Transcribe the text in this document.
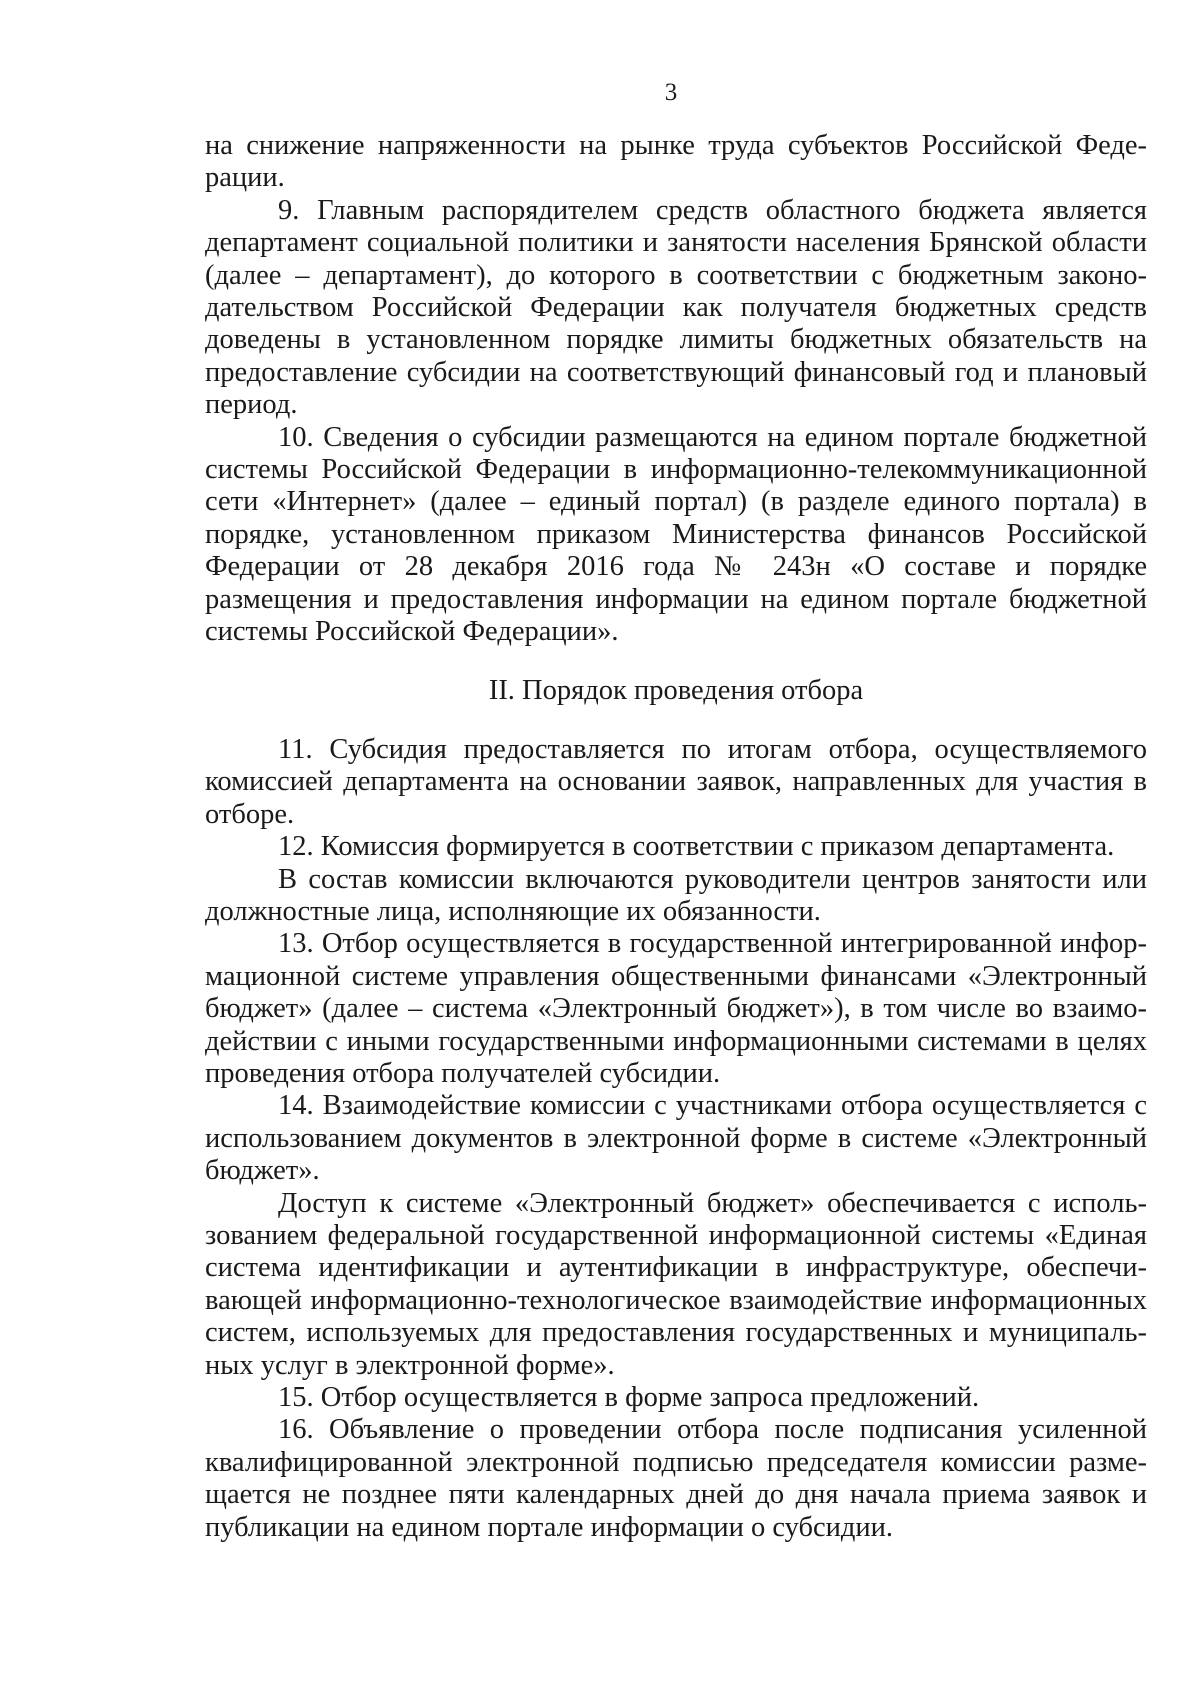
3

на снижение напряженности на рынке труда субъектов Российской Феде-рации.

9. Главным распорядителем средств областного бюджета является департамент социальной политики и занятости населения Брянской области (далее – департамент), до которого в соответствии с бюджетным законо-дательством Российской Федерации как получателя бюджетных средств доведены в установленном порядке лимиты бюджетных обязательств на предоставление субсидии на соответствующий финансовый год и плановый период.

10. Сведения о субсидии размещаются на едином портале бюджетной системы Российской Федерации в информационно-телекоммуникационной сети «Интернет» (далее – единый портал) (в разделе единого портала) в порядке, установленном приказом Министерства финансов Российской Федерации от 28 декабря 2016 года № 243н «О составе и порядке размещения и предоставления информации на едином портале бюджетной системы Российской Федерации».

II. Порядок проведения отбора

11. Субсидия предоставляется по итогам отбора, осуществляемого комиссией департамента на основании заявок, направленных для участия в отборе.

12. Комиссия формируется в соответствии с приказом департамента.

В состав комиссии включаются руководители центров занятости или должностные лица, исполняющие их обязанности.

13. Отбор осуществляется в государственной интегрированной инфор-мационной системе управления общественными финансами «Электронный бюджет» (далее – система «Электронный бюджет»), в том числе во взаимо-действии с иными государственными информационными системами в целях проведения отбора получателей субсидии.

14. Взаимодействие комиссии с участниками отбора осуществляется с использованием документов в электронной форме в системе «Электронный бюджет».

Доступ к системе «Электронный бюджет» обеспечивается с исполь-зованием федеральной государственной информационной системы «Единая система идентификации и аутентификации в инфраструктуре, обеспечи-вающей информационно-технологическое взаимодействие информационных систем, используемых для предоставления государственных и муниципаль-ных услуг в электронной форме».

15. Отбор осуществляется в форме запроса предложений.

16. Объявление о проведении отбора после подписания усиленной квалифицированной электронной подписью председателя комиссии разме-щается не позднее пяти календарных дней до дня начала приема заявок и публикации на едином портале информации о субсидии.
